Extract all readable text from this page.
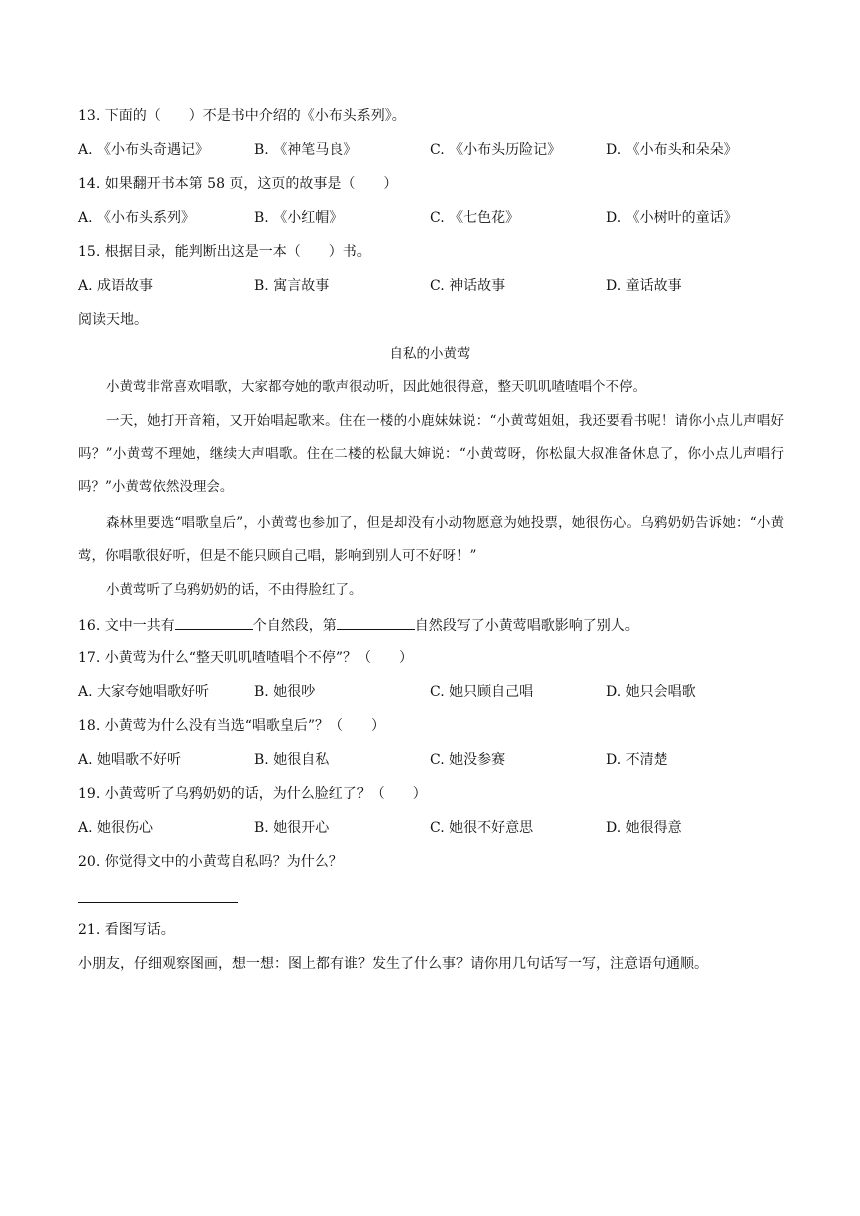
13. 下面的（　　）不是书中介绍的《小布头系列》。
A. 《小布头奇遇记》	B. 《神笔马良》	C. 《小布头历险记》	D. 《小布头和朵朵》
14. 如果翻开书本第 58 页，这页的故事是（　　）
A. 《小布头系列》	B. 《小红帽》	C. 《七色花》	D. 《小树叶的童话》
15. 根据目录，能判断出这是一本（　　）书。
A. 成语故事	B. 寓言故事	C. 神话故事	D. 童话故事
阅读天地。
自私的小黄莺
小黄莺非常喜欢唱歌，大家都夸她的歌声很动听，因此她很得意，整天叽叽喳喳唱个不停。
一天，她打开音箱，又开始唱起歌来。住在一楼的小鹿妹妹说：“小黄莺姐姐，我还要看书呢！请你小点儿声唱好吗？”小黄莺不理她，继续大声唱歌。住在二楼的松鼠大婶说：“小黄莺呀，你松鼠大叔准备休息了，你小点儿声唱行吗？”小黄莺依然没理会。
森林里要选“唱歌皇后”，小黄莺也参加了，但是却没有小动物愿意为她投票，她很伤心。乌鸦奶奶告诉她：“小黄莺，你唱歌很好听，但是不能只顾自己唱，影响到别人可不好呀！”
小黄莺听了乌鸦奶奶的话，不由得脸红了。
16. 文中一共有	个自然段，第	自然段写了小黄莺唱歌影响了别人。
17. 小黄莺为什么“整天叽叽喳喳唱个不停”？（　　）
A. 大家夸她唱歌好听	B. 她很吵	C. 她只顾自己唱	D. 她只会唱歌
18. 小黄莺为什么没有当选“唱歌皇后”？（　　）
A. 她唱歌不好听	B. 她很自私	C. 她没参赛	D. 不清楚
19. 小黄莺听了乌鸦奶奶的话，为什么脸红了？（　　）
A. 她很伤心	B. 她很开心	C. 她很不好意思	D. 她很得意
20. 你觉得文中的小黄莺自私吗？为什么？
21. 看图写话。
小朋友，仔细观察图画，想一想：图上都有谁？发生了什么事？请你用几句话写一写，注意语句通顺。
